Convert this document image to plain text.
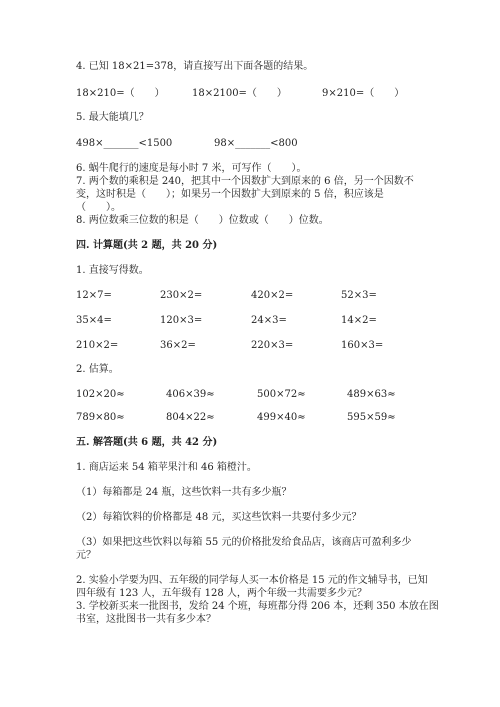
4. 已知 18×21=378，请直接写出下面各题的结果。
18×210=（　　）	18×2100=（　　）	9×210=（　　）
5. 最大能填几？
498×_______<1500	98×_______<800
6. 蜗牛爬行的速度是每小时 7 米，可写作（　　）。
7. 两个数的乘积是 240，把其中一个因数扩大到原来的 6 倍，另一个因数不
变，这时积是（　　）；如果另一个因数扩大到原来的 5 倍，积应该是
（　　）。
8. 两位数乘三位数的积是（　　）位数或（　　）位数。
四. 计算题(共 2 题，共 20 分)
1. 直接写得数。
12×7=	230×2=	420×2=	52×3=
35×4=	120×3=	24×3=	14×2=
210×2=	36×2=	220×3=	160×3=
2. 估算。
102×20≈	406×39≈	500×72≈	489×63≈
789×80≈	804×22≈	499×40≈	595×59≈
五. 解答题(共 6 题，共 42 分)
1. 商店运来 54 箱苹果汁和 46 箱橙汁。
（1）每箱都是 24 瓶，这些饮料一共有多少瓶？
（2）每箱饮料的价格都是 48 元，买这些饮料一共要付多少元？
（3）如果把这些饮料以每箱 55 元的价格批发给食品店，该商店可盈利多少
元？
2. 实验小学要为四、五年级的同学每人买一本价格是 15 元的作文辅导书，已知
四年级有 123 人，五年级有 128 人，两个年级一共需要多少元？
3. 学校新买来一批图书，发给 24 个班，每班都分得 206 本，还剩 350 本放在图
书室，这批图书一共有多少本？
